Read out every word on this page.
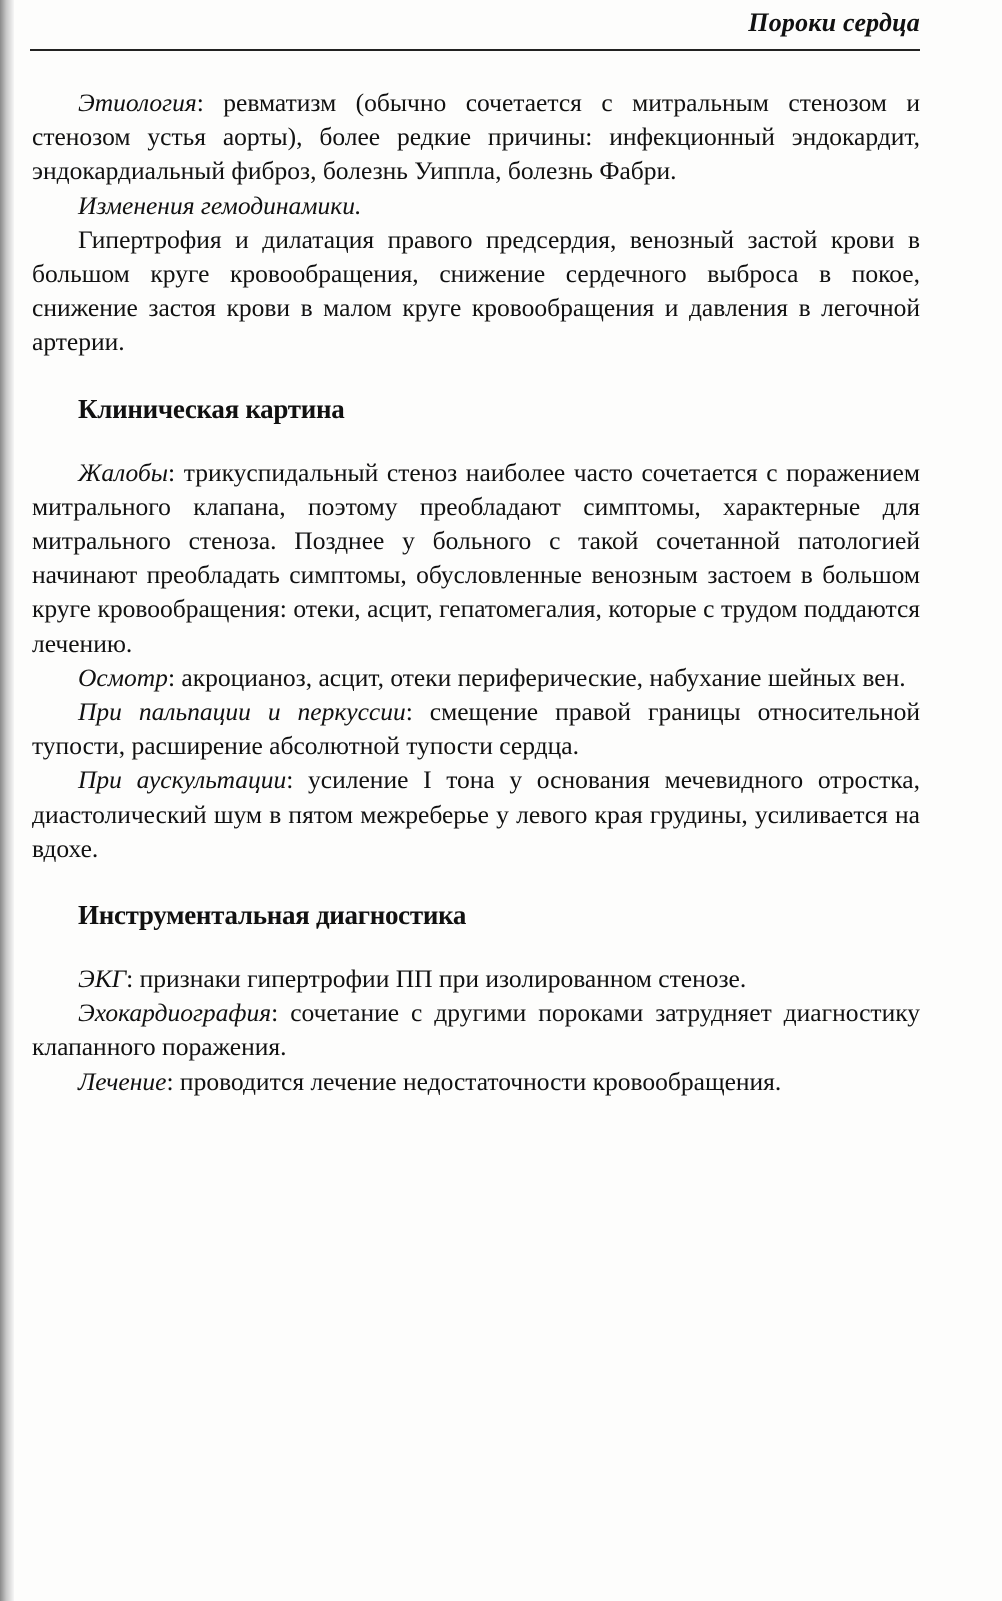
Пороки сердца

Этиология: ревматизм (обычно сочетается с митральным стенозом и стенозом устья аорты), более редкие причины: инфекционный эндокардит, эндокардиальный фиброз, болезнь Уиппла, болезнь Фабри.

Изменения гемодинамики.

Гипертрофия и дилатация правого предсердия, венозный застой крови в большом круге кровообращения, снижение сердечного выброса в покое, снижение застоя крови в малом круге кровообращения и давления в легочной артерии.

Клиническая картина

Жалобы: трикуспидальный стеноз наиболее часто сочетается с поражением митрального клапана, поэтому преобладают симптомы, характерные для митрального стеноза. Позднее у больного с такой сочетанной патологией начинают преобладать симптомы, обусловленные венозным застоем в большом круге кровообращения: отеки, асцит, гепатомегалия, которые с трудом поддаются лечению.

Осмотр: акроцианоз, асцит, отеки периферические, набухание шейных вен.

При пальпации и перкуссии: смещение правой границы относительной тупости, расширение абсолютной тупости сердца.

При аускультации: усиление I тона у основания мечевидного отростка, диастолический шум в пятом межреберье у левого края грудины, усиливается на вдохе.

Инструментальная диагностика

ЭКГ: признаки гипертрофии ПП при изолированном стенозе.

Эхокардиография: сочетание с другими пороками затрудняет диагностику клапанного поражения.

Лечение: проводится лечение недостаточности кровообращения.
